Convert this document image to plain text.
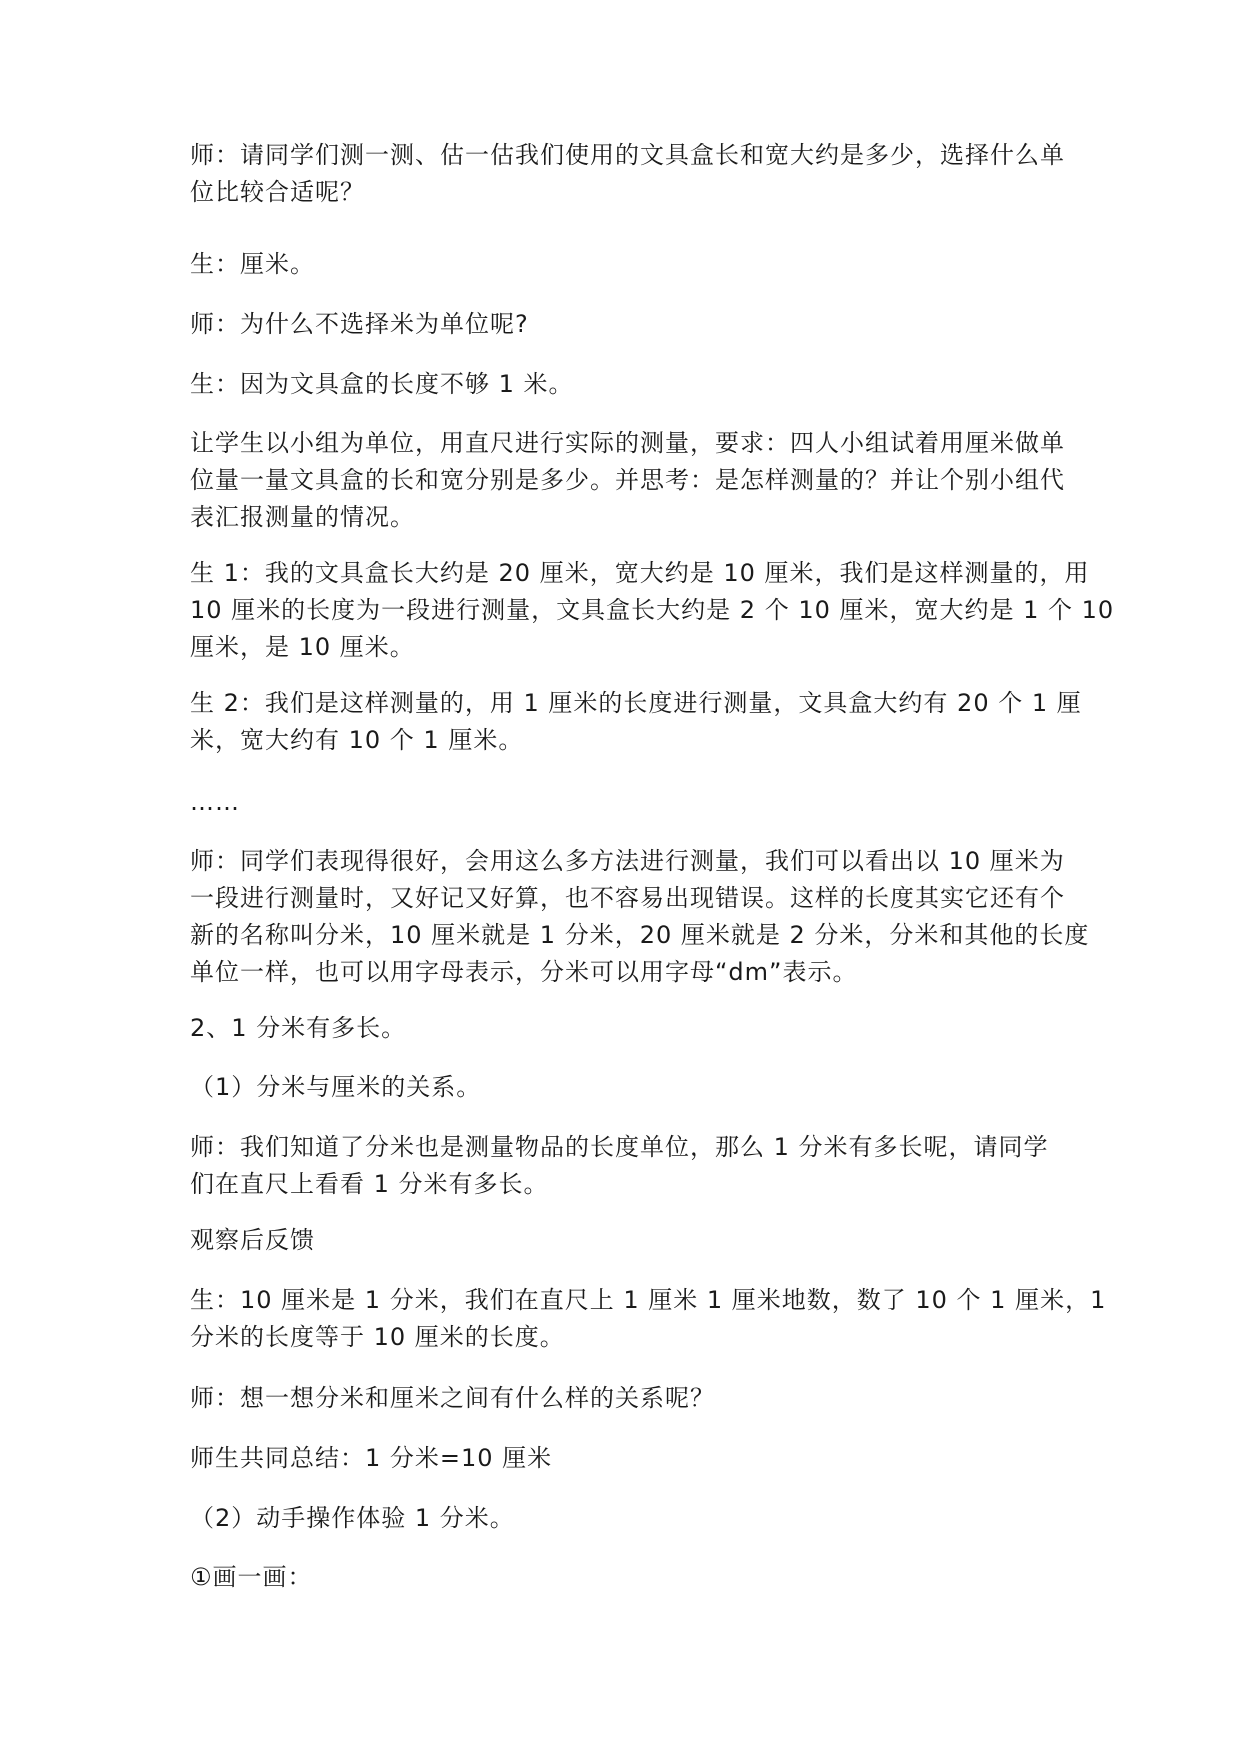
师：请同学们测一测、估一估我们使用的文具盒长和宽大约是多少，选择什么单
位比较合适呢？

生：厘米。

师：为什么不选择米为单位呢?

生：因为文具盒的长度不够 1 米。

让学生以小组为单位，用直尺进行实际的测量，要求：四人小组试着用厘米做单
位量一量文具盒的长和宽分别是多少。并思考：是怎样测量的？并让个别小组代
表汇报测量的情况。

生 1：我的文具盒长大约是 20 厘米，宽大约是 10 厘米，我们是这样测量的，用
10 厘米的长度为一段进行测量，文具盒长大约是 2 个 10 厘米，宽大约是 1 个 10
厘米，是 10 厘米。

生 2：我们是这样测量的，用 1 厘米的长度进行测量，文具盒大约有 20 个 1 厘
米，宽大约有 10 个 1 厘米。

……

师：同学们表现得很好，会用这么多方法进行测量，我们可以看出以 10 厘米为
一段进行测量时，又好记又好算，也不容易出现错误。这样的长度其实它还有个
新的名称叫分米，10 厘米就是 1 分米，20 厘米就是 2 分米，分米和其他的长度
单位一样，也可以用字母表示，分米可以用字母“dm”表示。

2、1 分米有多长。

（1）分米与厘米的关系。

师：我们知道了分米也是测量物品的长度单位，那么 1 分米有多长呢，请同学
们在直尺上看看 1 分米有多长。

观察后反馈

生：10 厘米是 1 分米，我们在直尺上 1 厘米 1 厘米地数，数了 10 个 1 厘米，1
分米的长度等于 10 厘米的长度。

师：想一想分米和厘米之间有什么样的关系呢？

师生共同总结：1 分米=10 厘米

（2）动手操作体验 1 分米。

①画一画：
